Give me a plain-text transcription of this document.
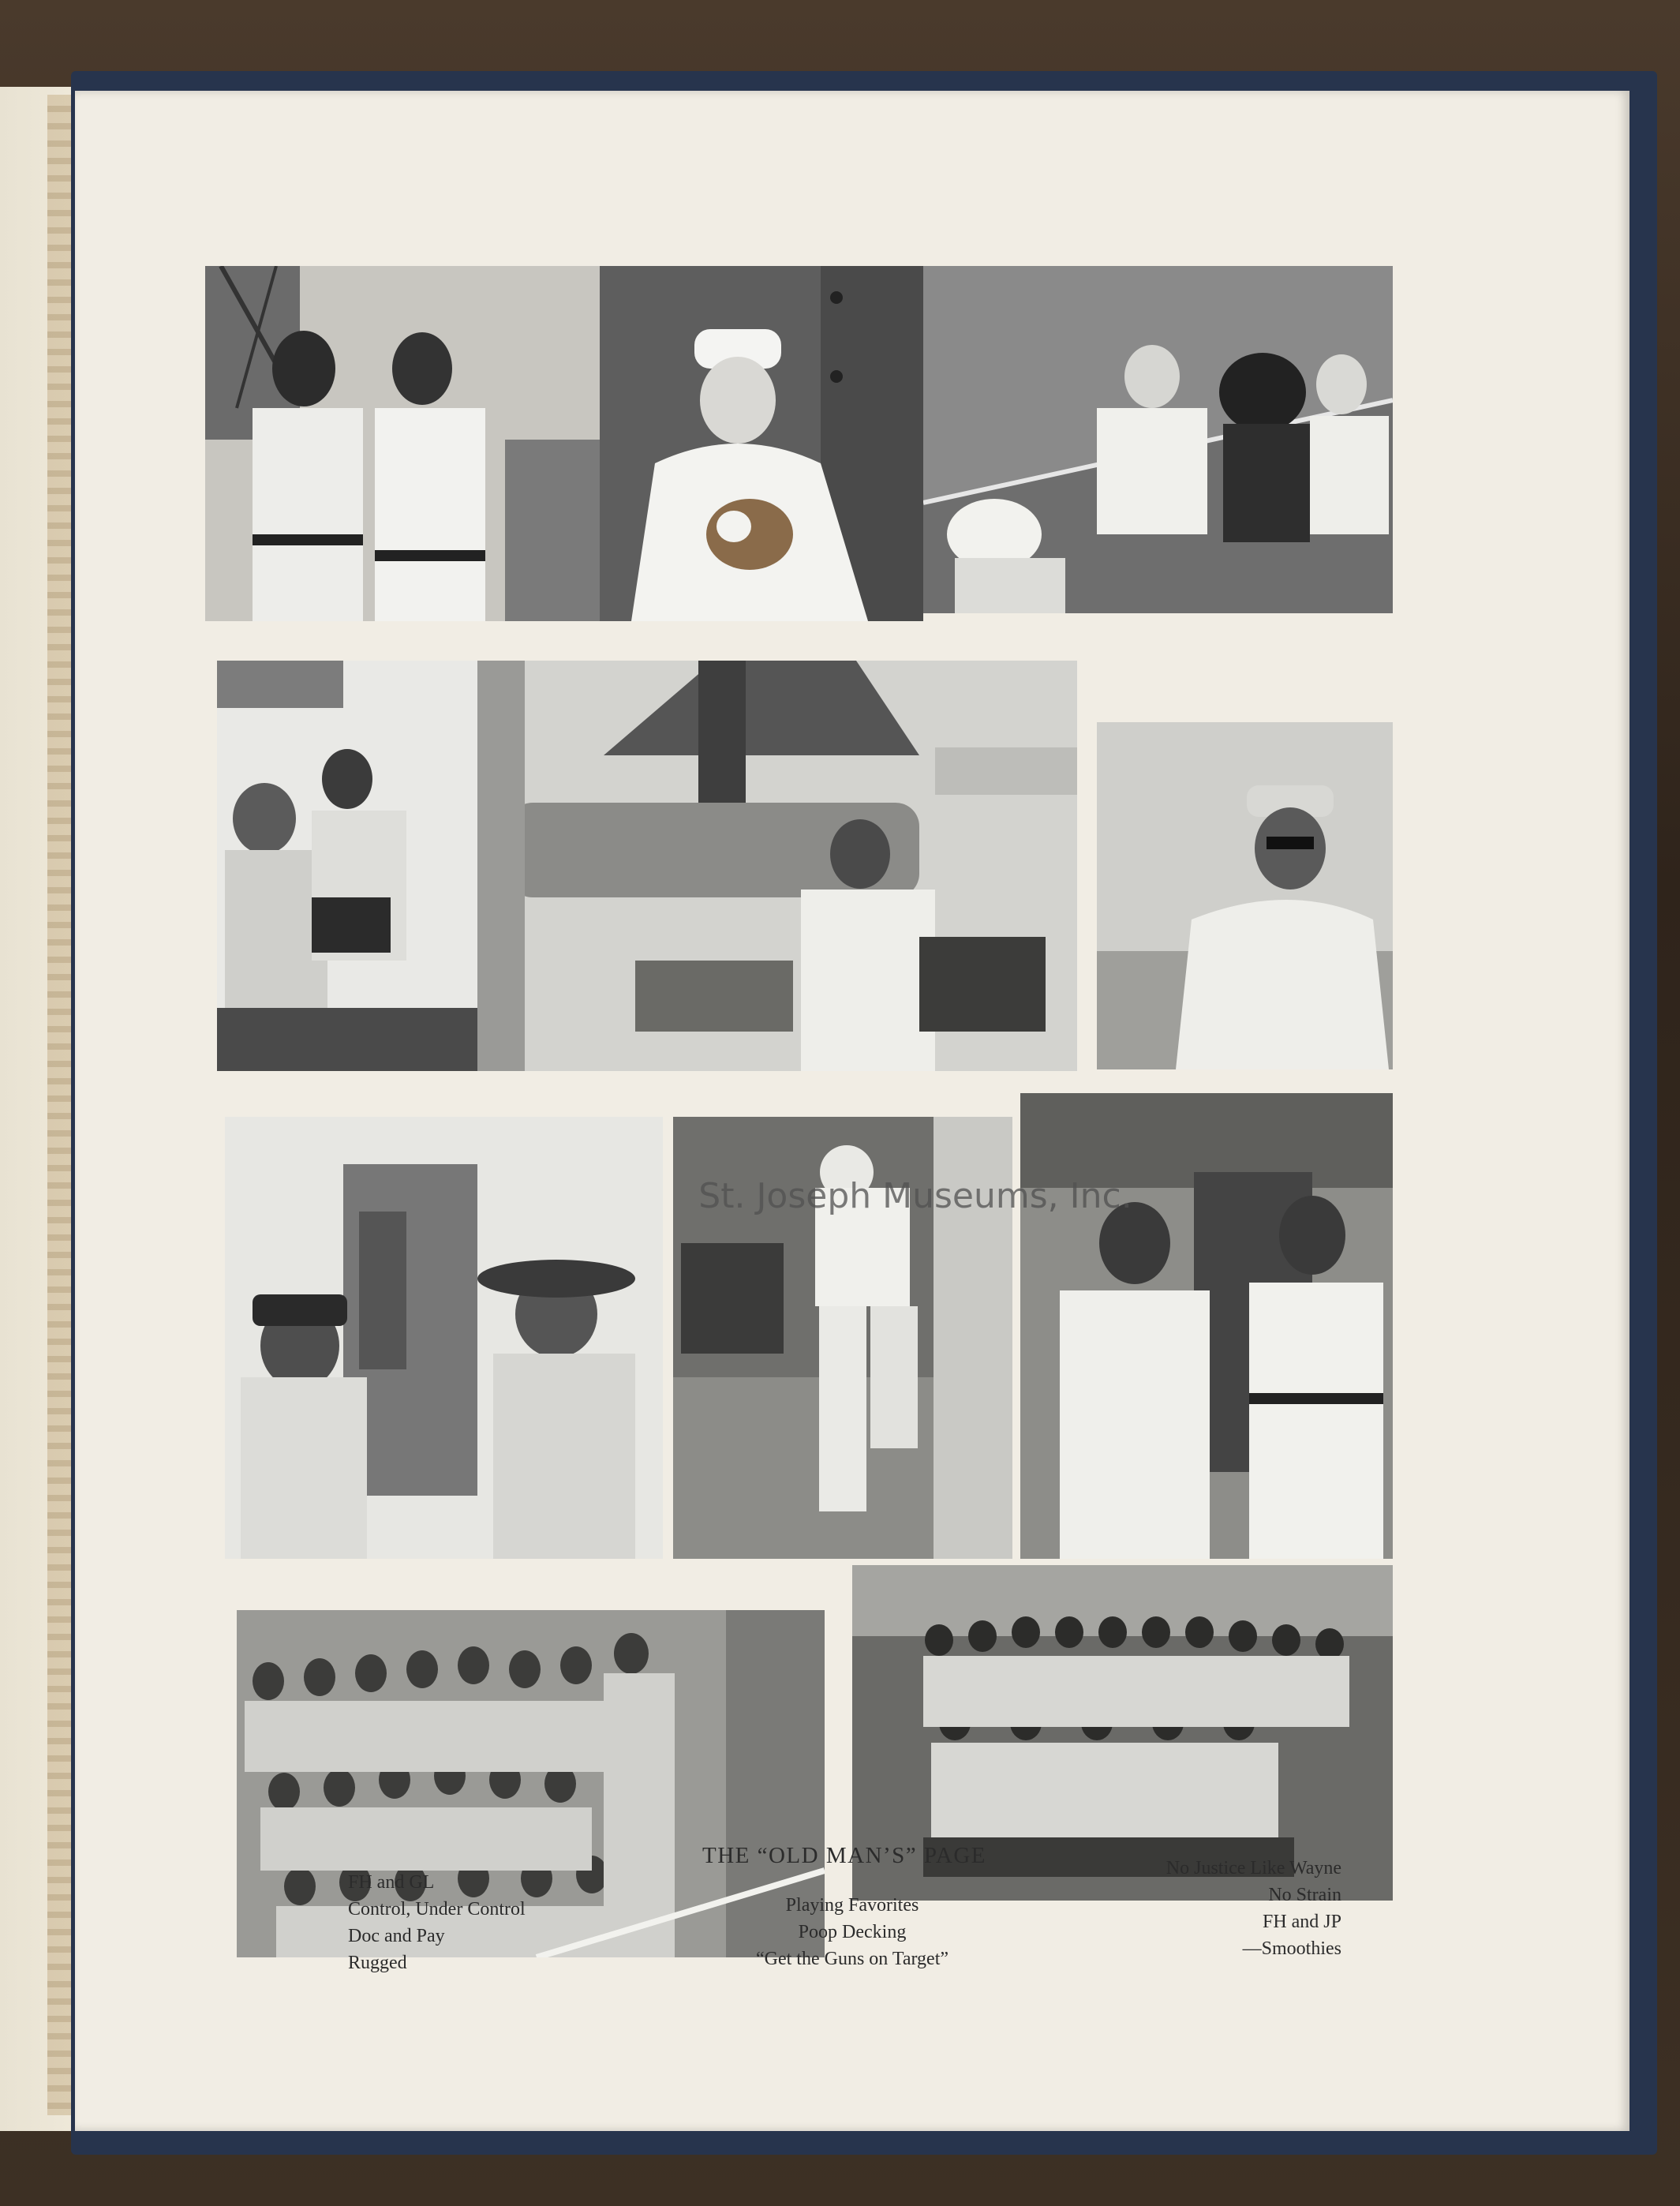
St. Joseph Museums, Inc.
THE “OLD MAN’S” PAGE
FH and GL
Control, Under Control
Doc and Pay
Rugged
Playing Favorites
Poop Decking
“Get the Guns on Target”
No Justice Like Wayne
No Strain
FH and JP
—Smoothies
